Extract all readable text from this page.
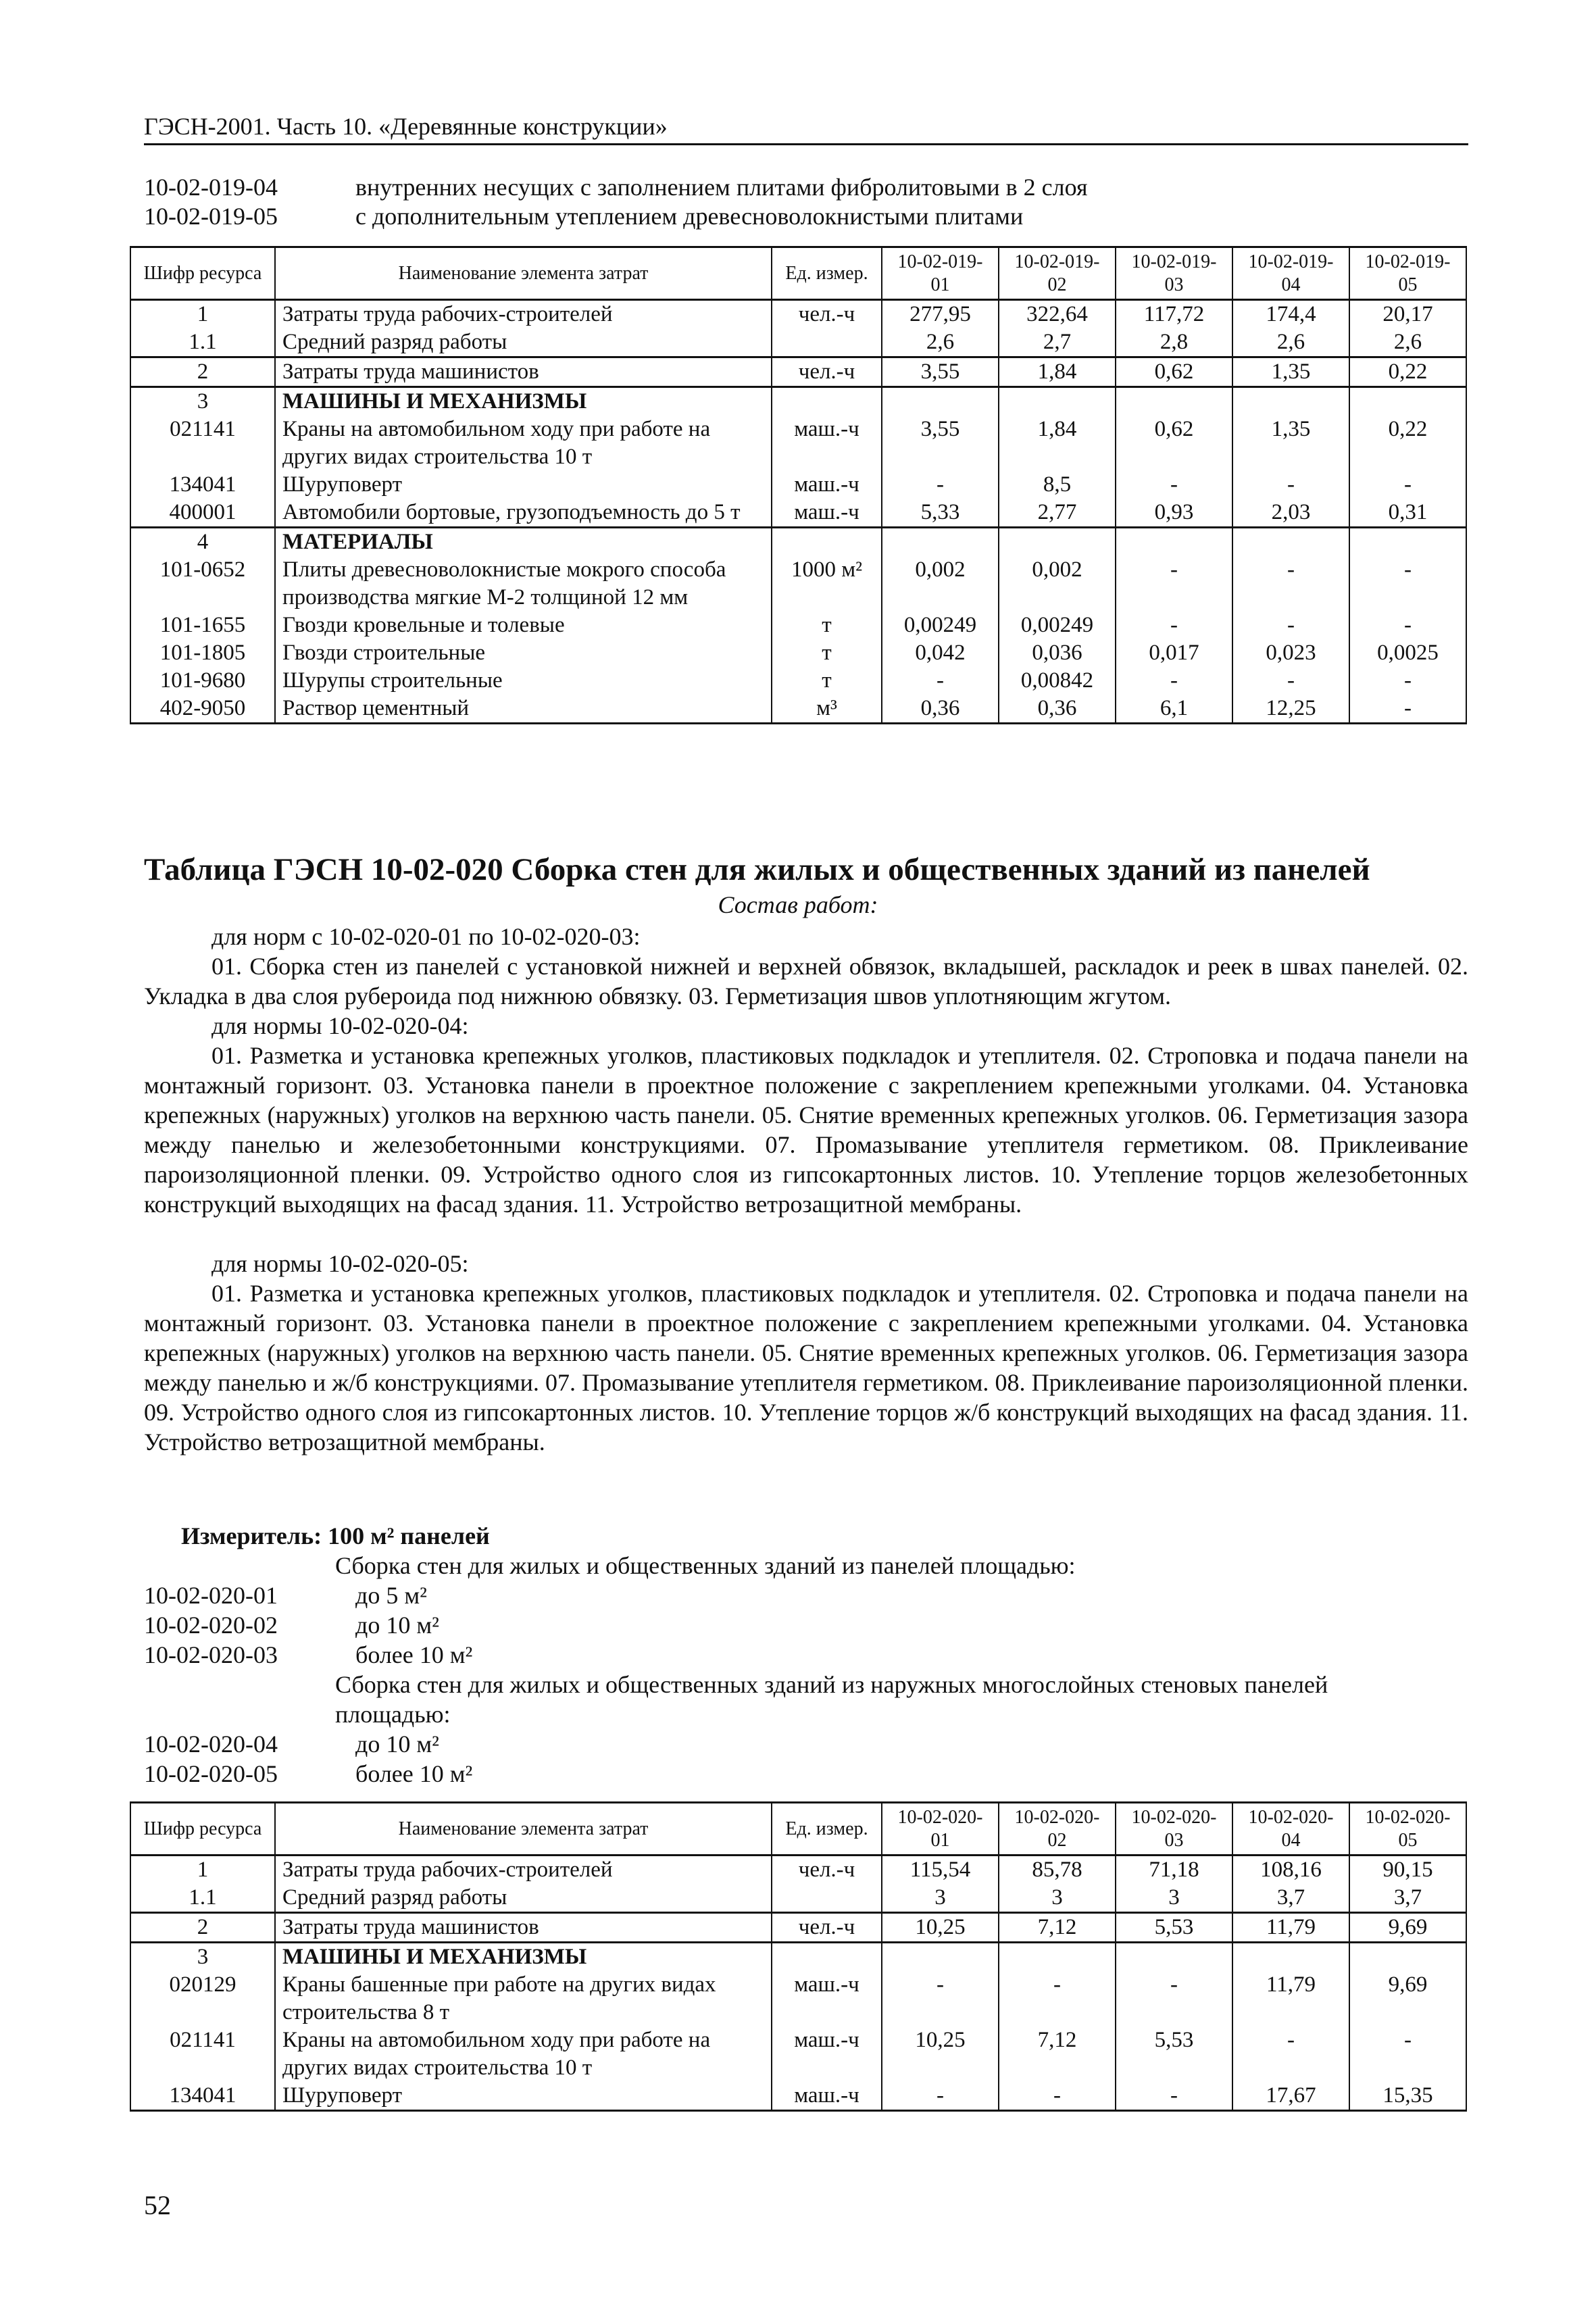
ГЭСН-2001. Часть 10. «Деревянные конструкции»
10-02-019-04	внутренних несущих с заполнением плитами фибролитовыми в 2 слоя
10-02-019-05	с дополнительным утеплением древесноволокнистыми плитами
Шифр ресурса	Наименование элемента затрат	Ед. измер.	10-02-019-01	10-02-019-02	10-02-019-03	10-02-019-04	10-02-019-05
1	Затраты труда рабочих-строителей	чел.-ч	277,95	322,64	117,72	174,4	20,17
1.1	Средний разряд работы		2,6	2,7	2,8	2,6	2,6
2	Затраты труда машинистов	чел.-ч	3,55	1,84	0,62	1,35	0,22
3	МАШИНЫ И МЕХАНИЗМЫ						
021141	Краны на автомобильном ходу при работе на других видах строительства 10 т	маш.-ч	3,55	1,84	0,62	1,35	0,22
134041	Шуруповерт	маш.-ч	-	8,5	-	-	-
400001	Автомобили бортовые, грузоподъемность до 5 т	маш.-ч	5,33	2,77	0,93	2,03	0,31
4	МАТЕРИАЛЫ						
101-0652	Плиты древесноволокнистые мокрого способа производства мягкие М-2 толщиной 12 мм	1000 м²	0,002	0,002	-	-	-
101-1655	Гвозди кровельные и толевые	т	0,00249	0,00249	-	-	-
101-1805	Гвозди строительные	т	0,042	0,036	0,017	0,023	0,0025
101-9680	Шурупы строительные	т	-	0,00842	-	-	-
402-9050	Раствор цементный	м³	0,36	0,36	6,1	12,25	-
Таблица ГЭСН 10-02-020 Сборка стен для жилых и общественных зданий из панелей
Состав работ:
для норм с 10-02-020-01 по 10-02-020-03:
01. Сборка стен из панелей с установкой нижней и верхней обвязок, вкладышей, раскладок и реек в швах панелей. 02. Укладка в два слоя рубероида под нижнюю обвязку. 03. Герметизация швов уплотняющим жгутом.
для нормы 10-02-020-04:
01. Разметка и установка крепежных уголков, пластиковых подкладок и утеплителя. 02. Строповка и подача панели на монтажный горизонт. 03. Установка панели в проектное положение с закреплением крепежными уголками. 04. Установка крепежных (наружных) уголков на верхнюю часть панели. 05. Снятие временных крепежных уголков. 06. Герметизация зазора между панелью и железобетонными конструкциями. 07. Промазывание утеплителя герметиком. 08. Приклеивание пароизоляционной пленки. 09. Устройство одного слоя из гипсокартонных листов. 10. Утепление торцов железобетонных конструкций выходящих на фасад здания. 11. Устройство ветрозащитной мембраны.
для нормы 10-02-020-05:
01. Разметка и установка крепежных уголков, пластиковых подкладок и утеплителя. 02. Строповка и подача панели на монтажный горизонт. 03. Установка панели в проектное положение с закреплением крепежными уголками. 04. Установка крепежных (наружных) уголков на верхнюю часть панели. 05. Снятие временных крепежных уголков. 06. Герметизация зазора между панелью и ж/б конструкциями. 07. Промазывание утеплителя герметиком. 08. Приклеивание пароизоляционной пленки. 09. Устройство одного слоя из гипсокартонных листов. 10. Утепление торцов ж/б конструкций выходящих на фасад здания. 11. Устройство ветрозащитной мембраны.
Измеритель: 100 м² панелей
Сборка стен для жилых и общественных зданий из панелей площадью:
10-02-020-01	до 5 м²
10-02-020-02	до 10 м²
10-02-020-03	более 10 м²
Сборка стен для жилых и общественных зданий из наружных многослойных стеновых панелей
площадью:
10-02-020-04	до 10 м²
10-02-020-05	более 10 м²
Шифр ресурса	Наименование элемента затрат	Ед. измер.	10-02-020-01	10-02-020-02	10-02-020-03	10-02-020-04	10-02-020-05
1	Затраты труда рабочих-строителей	чел.-ч	115,54	85,78	71,18	108,16	90,15
1.1	Средний разряд работы		3	3	3	3,7	3,7
2	Затраты труда машинистов	чел.-ч	10,25	7,12	5,53	11,79	9,69
3	МАШИНЫ И МЕХАНИЗМЫ						
020129	Краны башенные при работе на других видах строительства 8 т	маш.-ч	-	-	-	11,79	9,69
021141	Краны на автомобильном ходу при работе на других видах строительства 10 т	маш.-ч	10,25	7,12	5,53	-	-
134041	Шуруповерт	маш.-ч	-	-	-	17,67	15,35
52
